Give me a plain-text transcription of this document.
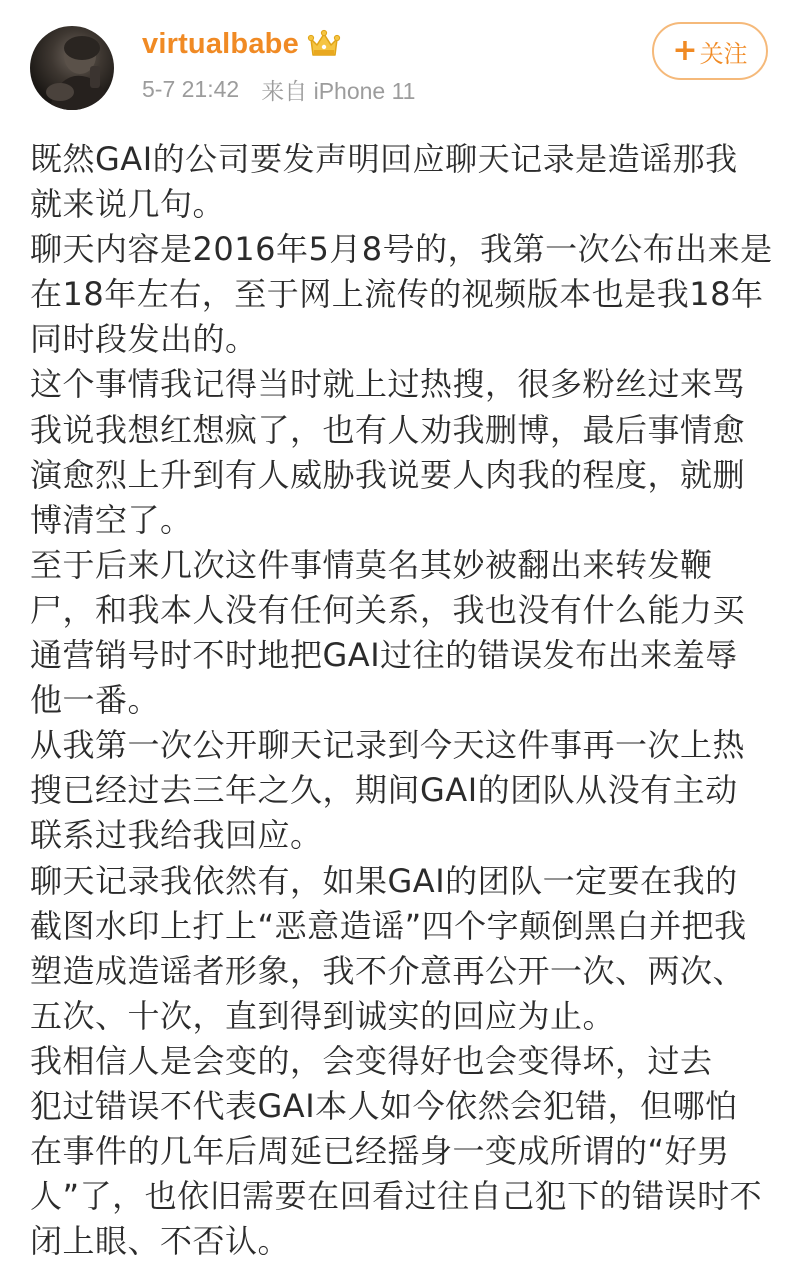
virtualbabe
5-7 21:42 来自 iPhone 11
+ 关注
既然GAI的公司要发声明回应聊天记录是造谣那我
就来说几句。
聊天内容是2016年5月8号的，我第一次公布出来是
在18年左右，至于网上流传的视频版本也是我18年
同时段发出的。
这个事情我记得当时就上过热搜，很多粉丝过来骂
我说我想红想疯了，也有人劝我删博，最后事情愈
演愈烈上升到有人威胁我说要人肉我的程度，就删
博清空了。
至于后来几次这件事情莫名其妙被翻出来转发鞭
尸，和我本人没有任何关系，我也没有什么能力买
通营销号时不时地把GAI过往的错误发布出来羞辱
他一番。
从我第一次公开聊天记录到今天这件事再一次上热
搜已经过去三年之久，期间GAI的团队从没有主动
联系过我给我回应。
聊天记录我依然有，如果GAI的团队一定要在我的
截图水印上打上“恶意造谣”四个字颠倒黑白并把我
塑造成造谣者形象，我不介意再公开一次、两次、
五次、十次，直到得到诚实的回应为止。
我相信人是会变的，会变得好也会变得坏，过去
犯过错误不代表GAI本人如今依然会犯错，但哪怕
在事件的几年后周延已经摇身一变成所谓的“好男
人”了，也依旧需要在回看过往自己犯下的错误时不
闭上眼、不否认。
